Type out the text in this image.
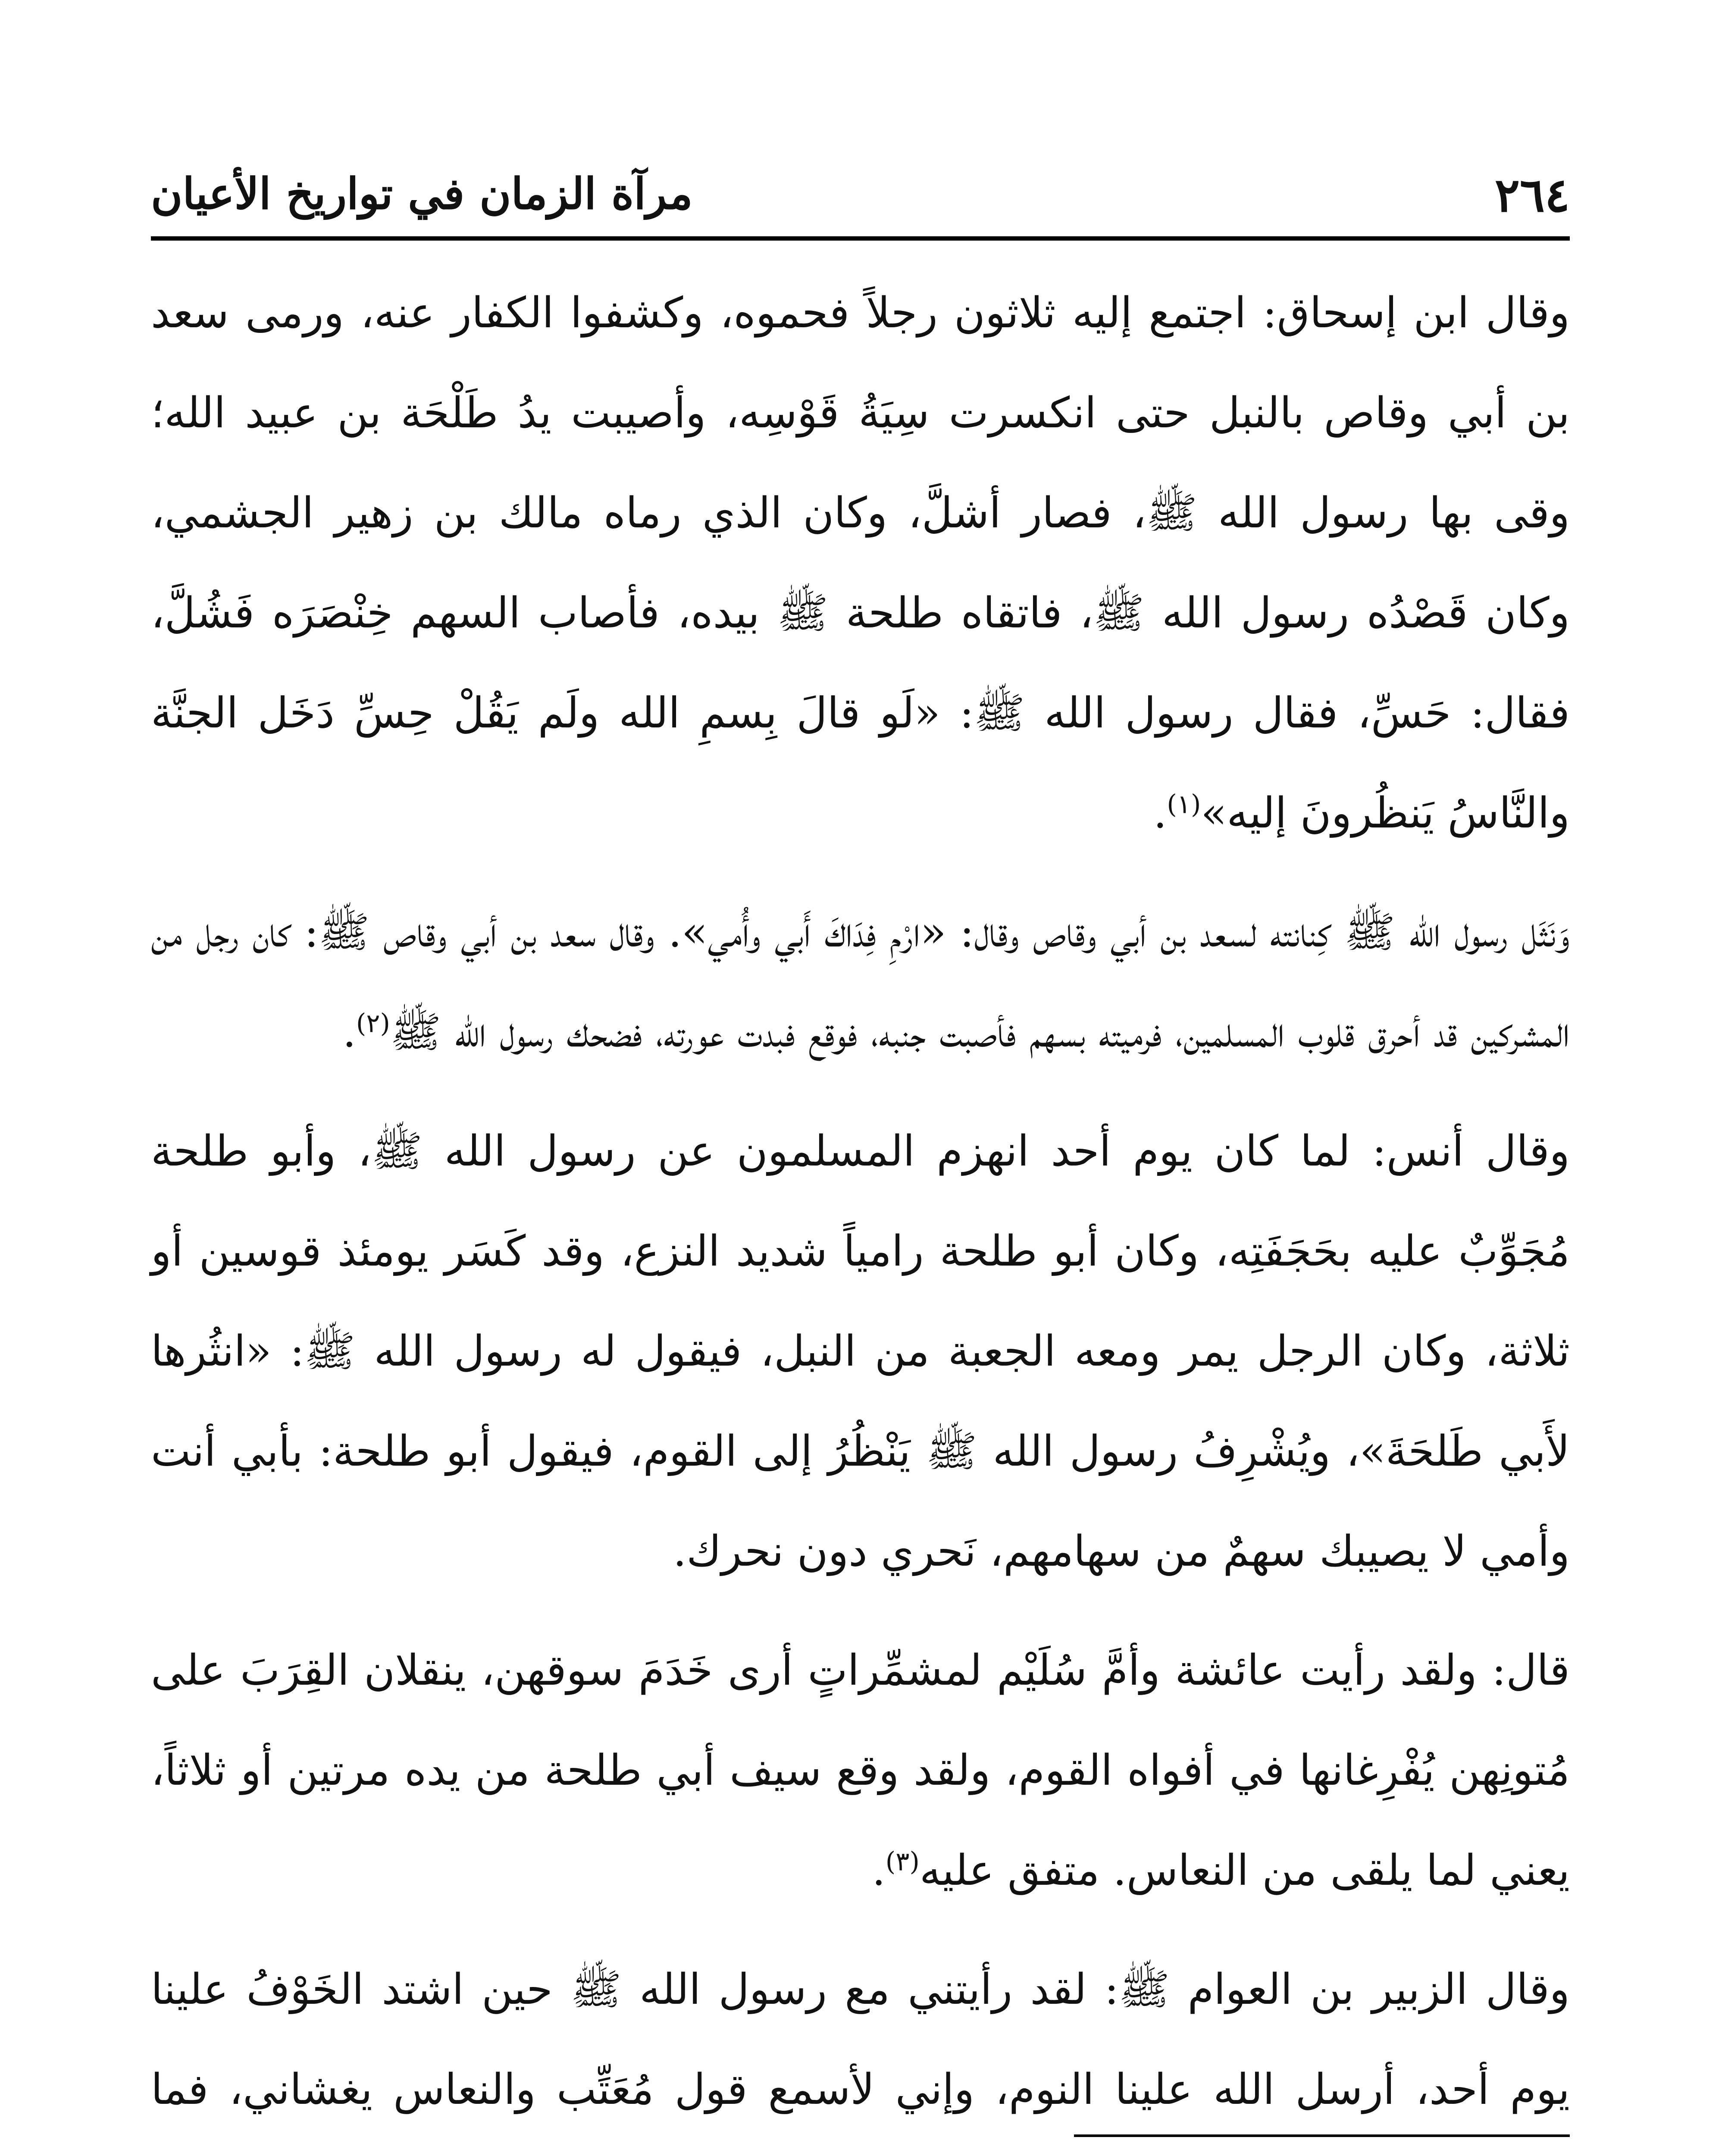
٢٦٤
مرآة الزمان في تواريخ الأعيان

وقال ابن إسحاق: اجتمع إليه ثلاثون رجلاً فحموه، وكشفوا الكفار عنه، ورمى سعد بن أبي وقاص بالنبل حتى انكسرت سِيَةُ قَوْسِه، وأصيبت يدُ طَلْحَة بن عبيد الله؛ وقى بها رسول الله ﷺ، فصار أشلَّ، وكان الذي رماه مالك بن زهير الجشمي، وكان قَصْدُه رسول الله ﷺ، فاتقاه طلحة ﷺ بيده، فأصاب السهم خِنْصَرَه فَشُلَّ، فقال: حَسِّ، فقال رسول الله ﷺ: «لَو قالَ بِسمِ الله ولَم يَقُلْ حِسِّ دَخَل الجنَّة والنَّاسُ يَنظُرونَ إليه»$^{(١)}$.

وَنَثَل رسول الله ﷺ كِنانته لسعد بن أبي وقاص وقال: «ارْمِ فِدَاكَ أَبي وأُمي». وقال سعد بن أبي وقاص ﷺ: كان رجل من المشركين قد أحرق قلوب المسلمين، فرميته بسهم فأصبت جنبه، فوقع فبدت عورته، فضحك رسول الله ﷺ$^{(٢)}$.

وقال أنس: لما كان يوم أحد انهزم المسلمون عن رسول الله ﷺ، وأبو طلحة مُجَوِّبٌ عليه بحَجَفَتِه، وكان أبو طلحة رامياً شديد النزع، وقد كَسَر يومئذ قوسين أو ثلاثة، وكان الرجل يمر ومعه الجعبة من النبل، فيقول له رسول الله ﷺ: «انثُرها لأَبي طَلحَةَ»، ويُشْرِفُ رسول الله ﷺ يَنْظُرُ إلى القوم، فيقول أبو طلحة: بأبي أنت وأمي لا يصيبك سهمٌ من سهامهم، نَحري دون نحرك.

قال: ولقد رأيت عائشة وأمَّ سُلَيْم لمشمِّراتٍ أرى خَدَمَ سوقهن، ينقلان القِرَبَ على مُتونِهن يُفْرِغانها في أفواه القوم، ولقد وقع سيف أبي طلحة من يده مرتين أو ثلاثاً، يعني لما يلقى من النعاس. متفق عليه$^{(٣)}$.

وقال الزبير بن العوام ﷺ: لقد رأيتني مع رسول الله ﷺ حين اشتد الخَوْفُ علينا يوم أحد، أرسل الله علينا النوم، وإني لأسمع قول مُعَتِّب والنعاس يغشاني، فما
